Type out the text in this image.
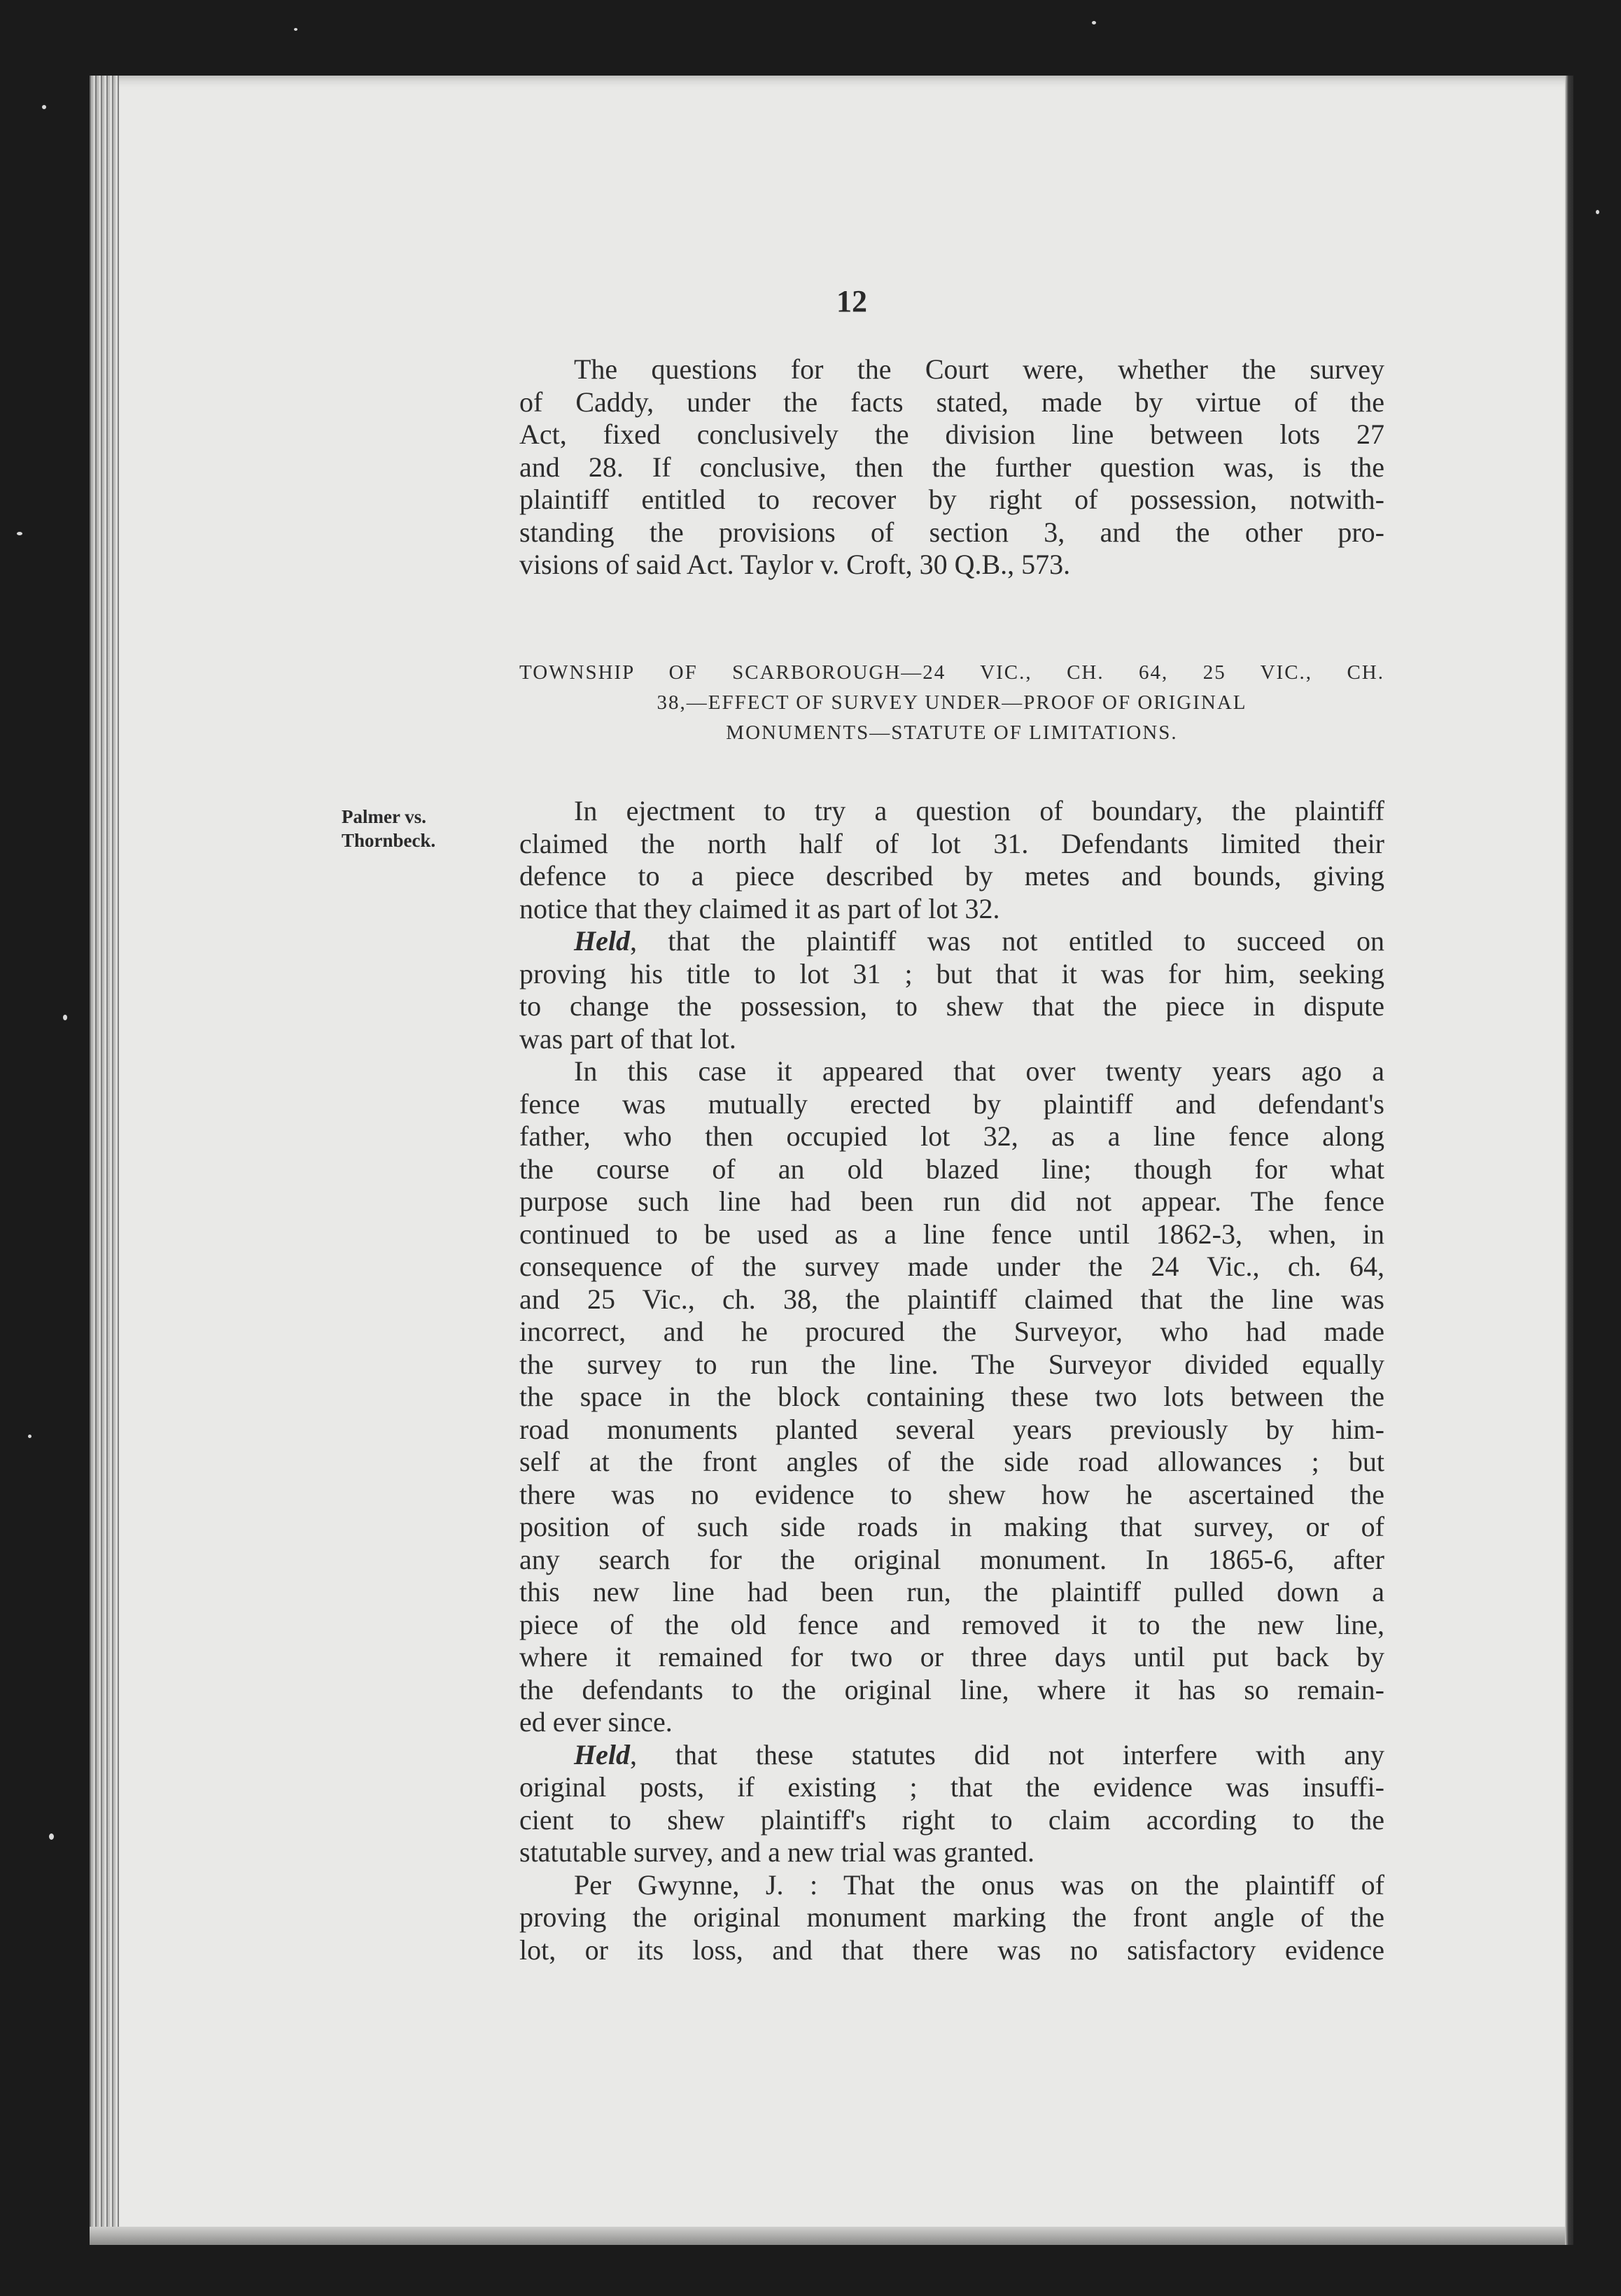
12
The questions for the Court were, whether the survey
of Caddy, under the facts stated, made by virtue of the
Act, fixed conclusively the division line between lots 27
and 28. If conclusive, then the further question was, is the
plaintiff entitled to recover by right of possession, notwith-
standing the provisions of section 3, and the other pro-
visions of said Act. Taylor v. Croft, 30 Q.B., 573.
TOWNSHIP OF SCARBOROUGH—24 VIC., CH. 64, 25 VIC., CH.
38,—EFFECT OF SURVEY UNDER—PROOF OF ORIGINAL
MONUMENTS—STATUTE OF LIMITATIONS.
Palmer vs.
Thornbeck.
In ejectment to try a question of boundary, the plaintiff
claimed the north half of lot 31. Defendants limited their
defence to a piece described by metes and bounds, giving
notice that they claimed it as part of lot 32.
Held, that the plaintiff was not entitled to succeed on
proving his title to lot 31 ; but that it was for him, seeking
to change the possession, to shew that the piece in dispute
was part of that lot.
In this case it appeared that over twenty years ago a
fence was mutually erected by plaintiff and defendant's
father, who then occupied lot 32, as a line fence along
the course of an old blazed line; though for what
purpose such line had been run did not appear. The fence
continued to be used as a line fence until 1862-3, when, in
consequence of the survey made under the 24 Vic., ch. 64,
and 25 Vic., ch. 38, the plaintiff claimed that the line was
incorrect, and he procured the Surveyor, who had made
the survey to run the line. The Surveyor divided equally
the space in the block containing these two lots between the
road monuments planted several years previously by him-
self at the front angles of the side road allowances ; but
there was no evidence to shew how he ascertained the
position of such side roads in making that survey, or of
any search for the original monument. In 1865-6, after
this new line had been run, the plaintiff pulled down a
piece of the old fence and removed it to the new line,
where it remained for two or three days until put back by
the defendants to the original line, where it has so remain-
ed ever since.
Held, that these statutes did not interfere with any
original posts, if existing ; that the evidence was insuffi-
cient to shew plaintiff's right to claim according to the
statutable survey, and a new trial was granted.
Per Gwynne, J. : That the onus was on the plaintiff of
proving the original monument marking the front angle of the
lot, or its loss, and that there was no satisfactory evidence
